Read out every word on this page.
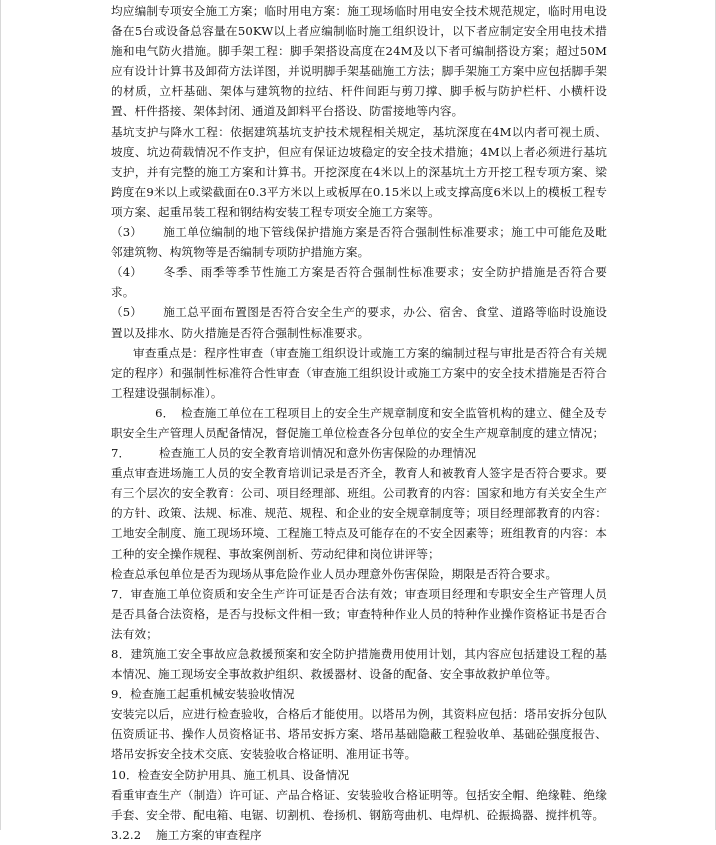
均应编制专项安全施工方案；临时用电方案：施工现场临时用电安全技术规范规定，临时用电设备在5台或设备总容量在50KW以上者应编制临时施工组织设计，以下者应制定安全用电技术措施和电气防火措施。脚手架工程：脚手架搭设高度在24M及以下者可编制搭设方案；超过50M应有设计计算书及卸荷方法详图，并说明脚手架基础施工方法；脚手架施工方案中应包括脚手架的材质，立杆基础、架体与建筑物的拉结、杆件间距与剪刀撑、脚手板与防护栏杆、小横杆设置、杆件搭接、架体封闭、通道及卸料平台搭设、防雷接地等内容。

基坑支护与降水工程：依据建筑基坑支护技术规程相关规定，基坑深度在4M以内者可视土质、坡度、坑边荷载情况不作支护，但应有保证边坡稳定的安全技术措施；4M以上者必须进行基坑支护，并有完整的施工方案和计算书。开挖深度在4米以上的深基坑土方开挖工程专项方案、梁跨度在9米以上或梁截面在0.3平方米以上或板厚在0.15米以上或支撑高度6米以上的模板工程专项方案、起重吊装工程和钢结构安装工程专项安全施工方案等。

（3） 施工单位编制的地下管线保护措施方案是否符合强制性标准要求；施工中可能危及毗邻建筑物、构筑物等是否编制专项防护措施方案。

（4） 冬季、雨季等季节性施工方案是否符合强制性标准要求；安全防护措施是否符合要求。

（5） 施工总平面布置图是否符合安全生产的要求，办公、宿舍、食堂、道路等临时设施设置以及排水、防火措施是否符合强制性标准要求。

审查重点是：程序性审查（审查施工组织设计或施工方案的编制过程与审批是否符合有关规定的程序）和强制性标准符合性审查（审查施工组织设计或施工方案中的安全技术措施是否符合工程建设强制标准）。

6． 检查施工单位在工程项目上的安全生产规章制度和安全监管机构的建立、健全及专职安全生产管理人员配备情况，督促施工单位检查各分包单位的安全生产规章制度的建立情况；

7． 检查施工人员的安全教育培训情况和意外伤害保险的办理情况

重点审查进场施工人员的安全教育培训记录是否齐全，教育人和被教育人签字是否符合要求。要有三个层次的安全教育：公司、项目经理部、班组。公司教育的内容：国家和地方有关安全生产的方针、政策、法规、标准、规范、规程、和企业的安全规章制度等；项目经理部教育的内容：工地安全制度、施工现场环境、工程施工特点及可能存在的不安全因素等；班组教育的内容：本工种的安全操作规程、事故案例剖析、劳动纪律和岗位讲评等；

检查总承包单位是否为现场从事危险作业人员办理意外伤害保险，期限是否符合要求。

7．审查施工单位资质和安全生产许可证是否合法有效；审查项目经理和专职安全生产管理人员是否具备合法资格，是否与投标文件相一致；审查特种作业人员的特种作业操作资格证书是否合法有效；

8．建筑施工安全事故应急救援预案和安全防护措施费用使用计划，其内容应包括建设工程的基本情况、施工现场安全事故救护组织、救援器材、设备的配备、安全事故救护单位等。

9．检查施工起重机械安装验收情况

安装完以后，应进行检查验收，合格后才能使用。以塔吊为例，其资料应包括：塔吊安拆分包队伍资质证书、操作人员资格证书、塔吊安拆方案、塔吊基础隐蔽工程验收单、基础砼强度报告、塔吊安拆安全技术交底、安装验收合格证明、准用证书等。

10．检查安全防护用具、施工机具、设备情况

看重审查生产（制造）许可证、产品合格证、安装验收合格证明等。包括安全帽、绝缘鞋、绝缘手套、安全带、配电箱、电锯、切割机、卷扬机、钢筋弯曲机、电焊机、砼振捣器、搅拌机等。

3.2.2 施工方案的审查程序
